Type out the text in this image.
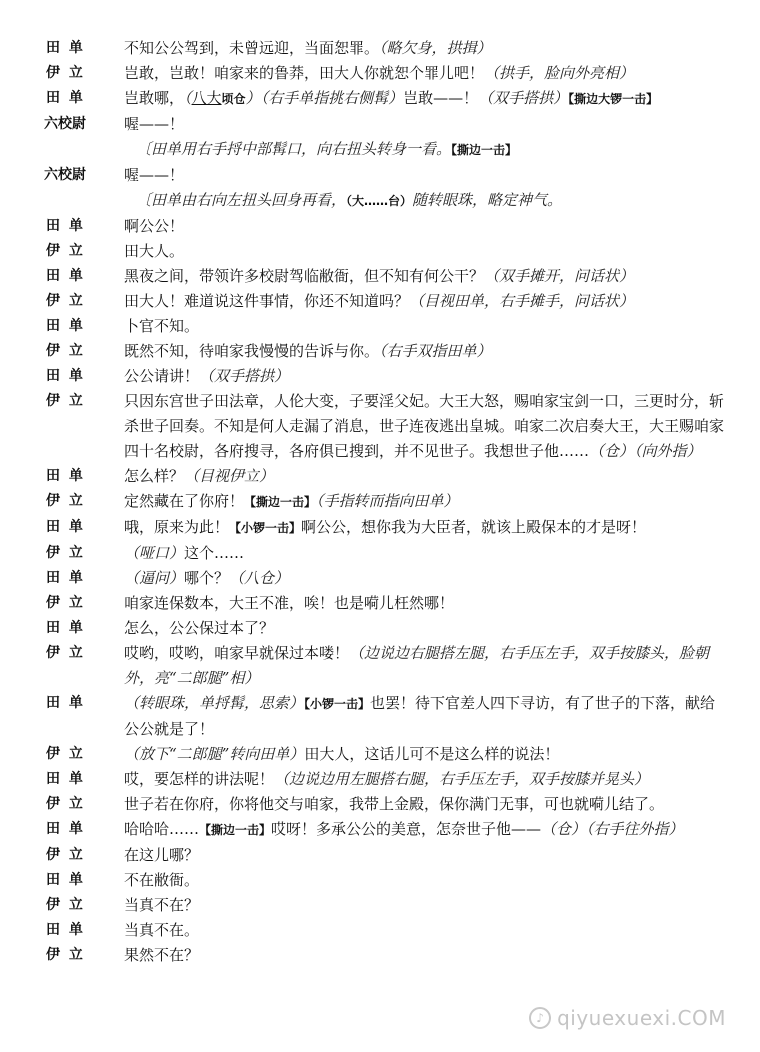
田 单	不知公公驾到，未曾远迎，当面恕罪。（略欠身，拱揖）
伊 立	岂敢，岂敢！咱家来的鲁莽，田大人你就恕个罪儿吧！（拱手，脸向外亮相）
田 单	岂敢哪，（八大顷仓）（右手单指挑右侧髯）岂敢——！（双手搭拱）【撕边大锣一击】
六校尉	喔——！
〔田单用右手捋中部髯口，向右扭头转身一看。【撕边一击】
六校尉	喔——！
〔田单由右向左扭头回身再看，（大……台）随转眼珠，略定神气。
田 单	啊公公！
伊 立	田大人。
田 单	黑夜之间，带领许多校尉驾临敝衙，但不知有何公干？（双手摊开，问话状）
伊 立	田大人！难道说这件事情，你还不知道吗？（目视田单，右手摊手，问话状）
田 单	卜官不知。
伊 立	既然不知，待咱家我慢慢的告诉与你。（右手双指田单）
田 单	公公请讲！（双手搭拱）
伊 立	只因东宫世子田法章，人伦大变，子要淫父妃。大王大怒，赐咱家宝剑一口，三更时分，斩杀世子回奏。不知是何人走漏了消息，世子连夜逃出皇城。咱家二次启奏大王，大王赐咱家四十名校尉，各府搜寻，各府俱已搜到，并不见世子。我想世子他……（仓）（向外指）
田 单	怎么样？（目视伊立）
伊 立	定然藏在了你府！【撕边一击】（手指转而指向田单）
田 单	哦，原来为此！【小锣一击】啊公公，想你我为大臣者，就该上殿保本的才是呀！
伊 立	（哑口）这个……
田 单	（逼问）哪个？（八仓）
伊 立	咱家连保数本，大王不准，唉！也是嗬儿枉然哪！
田 单	怎么，公公保过本了？
伊 立	哎哟，哎哟，咱家早就保过本喽！（边说边右腿搭左腿，右手压左手，双手按膝头，脸朝外，亮“二郎腿”相）
田 单	（转眼珠，单捋髯，思索）【小锣一击】也罢！待下官差人四下寻访，有了世子的下落，献给公公就是了！
伊 立	（放下“二郎腿”转向田单）田大人，这话儿可不是这么样的说法！
田 单	哎，要怎样的讲法呢！（边说边用左腿搭右腿，右手压左手，双手按膝并晃头）
伊 立	世子若在你府，你将他交与咱家，我带上金殿，保你满门无事，可也就嗬儿结了。
田 单	哈哈哈……【撕边一击】哎呀！多承公公的美意，怎奈世子他——（仓）（右手往外指）
伊 立	在这儿哪？
田 单	不在敝衙。
伊 立	当真不在？
田 单	当真不在。
伊 立	果然不在？
♪ qiyuexuexi.COM
